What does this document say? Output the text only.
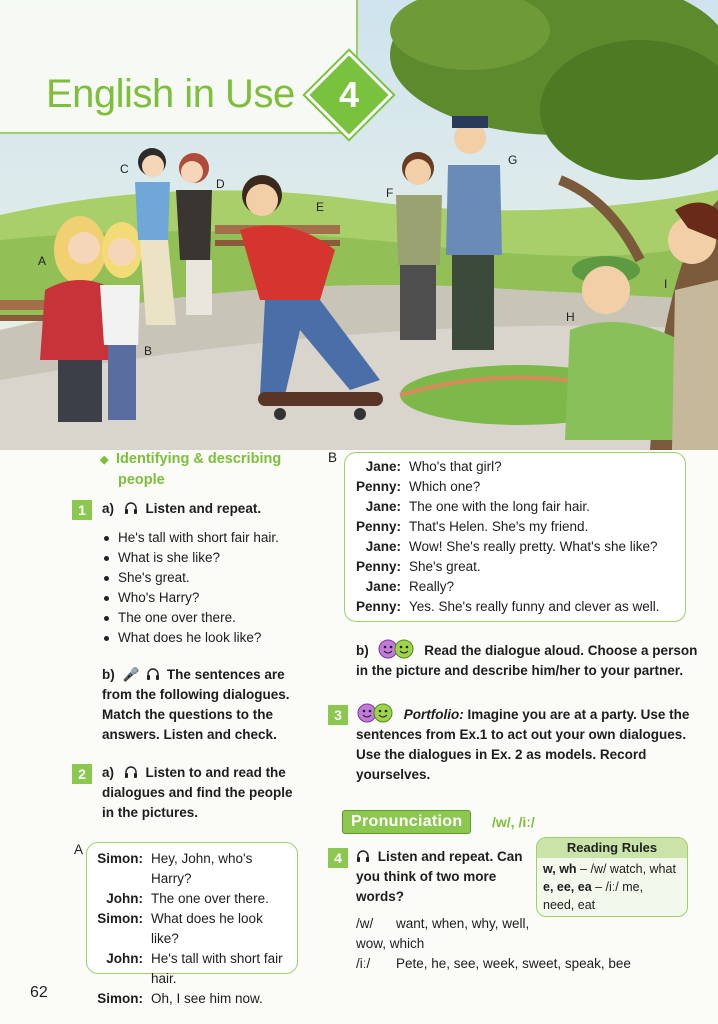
English in Use	4
A
B
C
D
E
F
G
H
I
◆ Identifying & describing
people
1	a) Listen and repeat.
He's tall with short fair hair.
What is she like?
She's great.
Who's Harry?
The one over there.
What does he look like?
b) 🎤 The sentences are
from the following dialogues.
Match the questions to the
answers. Listen and check.
2	a) Listen to and read the
dialogues and find the people
in the pictures.
A
Simon: Hey, John, who's Harry?
John: The one over there.
Simon: What does he look like?
John: He's tall with short fair
hair.
Simon: Oh, I see him now.
B
Jane: Who's that girl?
Penny: Which one?
Jane: The one with the long fair hair.
Penny: That's Helen. She's my friend.
Jane: Wow! She's really pretty. What's she like?
Penny: She's great.
Jane: Really?
Penny: Yes. She's really funny and clever as well.
b)	Read the dialogue aloud. Choose a person
in the picture and describe him/her to your partner.
3	Portfolio: Imagine you are at a party. Use the
sentences from Ex.1 to act out your own dialogues.
Use the dialogues in Ex. 2 as models. Record
yourselves.
Pronunciation	/w/, /iː/
4	Listen and repeat. Can
you think of two more
words?
/w/	want, when, why, well,
wow, which
/iː/	Pete, he, see, week, sweet, speak, bee
Reading Rules
w, wh – /w/ watch, what
e, ee, ea – /iː/ me,
need, eat
62
